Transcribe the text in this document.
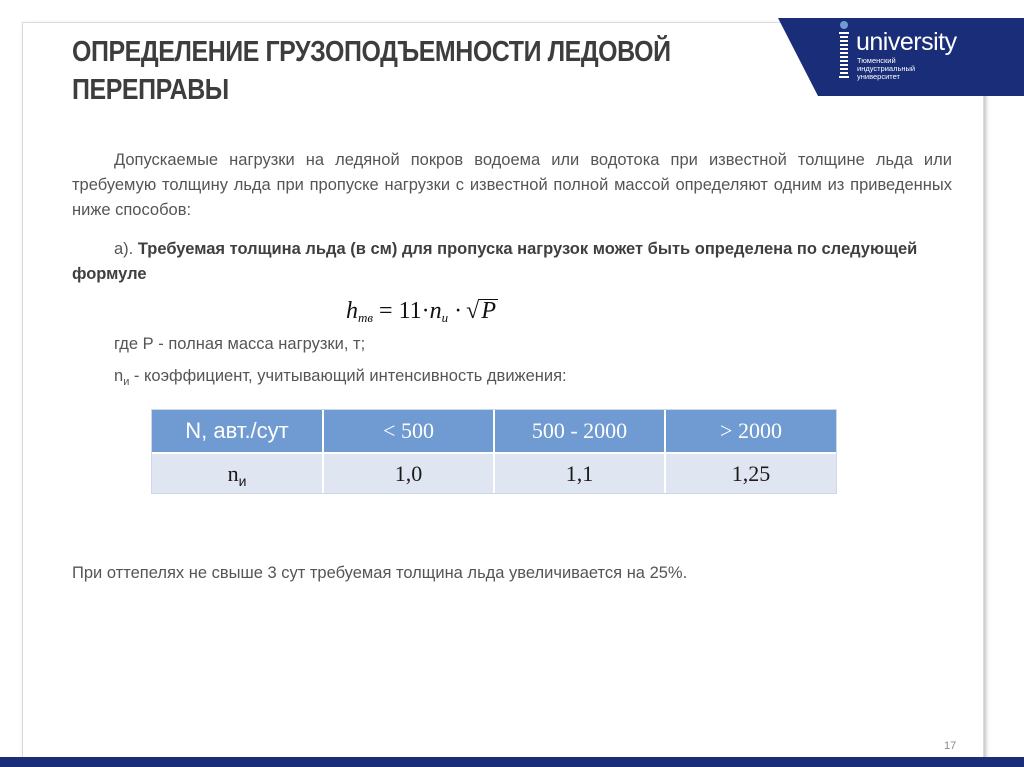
ОПРЕДЕЛЕНИЕ ГРУЗОПОДЪЕМНОСТИ ЛЕДОВОЙ ПЕРЕПРАВЫ
university
Тюменский индустриальный университет

Допускаемые нагрузки на ледяной покров водоема или водотока при известной толщине льда или требуемую толщину льда при пропуске нагрузки с известной полной массой определяют одним из приведенных ниже способов:

а). Требуемая толщина льда (в см) для пропуска нагрузок может быть определена по следующей формуле

hтв = 11·nи · √P

где Р - полная масса нагрузки, т;

$n_и$ - коэффициент, учитывающий интенсивность движения:

N, авт./сут	< 500	500 - 2000	> 2000
$n_и$	1,0	1,1	1,25

При оттепелях не свыше 3 сут требуемая толщина льда увеличивается на 25%.

17
